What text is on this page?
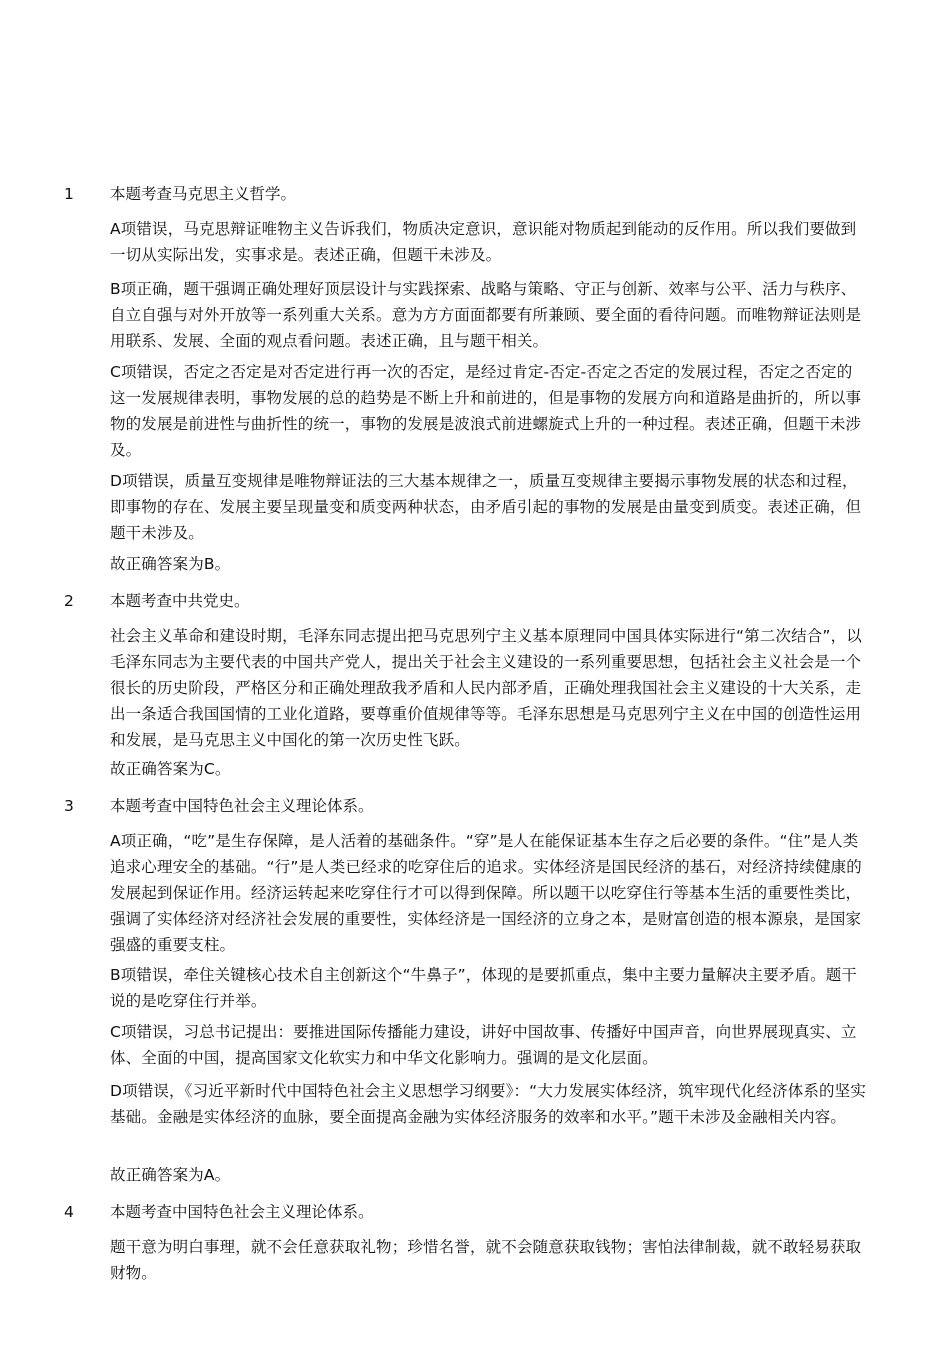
1	本题考查马克思主义哲学。
A项错误，马克思辩证唯物主义告诉我们，物质决定意识，意识能对物质起到能动的反作用。所以我们要做到一切从实际出发，实事求是。表述正确，但题干未涉及。
B项正确，题干强调正确处理好顶层设计与实践探索、战略与策略、守正与创新、效率与公平、活力与秩序、自立自强与对外开放等一系列重大关系。意为方方面面都要有所兼顾、要全面的看待问题。而唯物辩证法则是用联系、发展、全面的观点看问题。表述正确，且与题干相关。
C项错误，否定之否定是对否定进行再一次的否定，是经过肯定-否定-否定之否定的发展过程，否定之否定的这一发展规律表明，事物发展的总的趋势是不断上升和前进的，但是事物的发展方向和道路是曲折的，所以事物的发展是前进性与曲折性的统一，事物的发展是波浪式前进螺旋式上升的一种过程。表述正确，但题干未涉及。
D项错误，质量互变规律是唯物辩证法的三大基本规律之一，质量互变规律主要揭示事物发展的状态和过程，即事物的存在、发展主要呈现量变和质变两种状态，由矛盾引起的事物的发展是由量变到质变。表述正确，但题干未涉及。
故正确答案为B。
2	本题考查中共党史。
社会主义革命和建设时期，毛泽东同志提出把马克思列宁主义基本原理同中国具体实际进行“第二次结合”，以毛泽东同志为主要代表的中国共产党人，提出关于社会主义建设的一系列重要思想，包括社会主义社会是一个很长的历史阶段，严格区分和正确处理敌我矛盾和人民内部矛盾，正确处理我国社会主义建设的十大关系，走出一条适合我国国情的工业化道路，要尊重价值规律等等。毛泽东思想是马克思列宁主义在中国的创造性运用和发展，是马克思主义中国化的第一次历史性飞跃。
故正确答案为C。
3	本题考查中国特色社会主义理论体系。
A项正确，“吃”是生存保障，是人活着的基础条件。“穿”是人在能保证基本生存之后必要的条件。“住”是人类追求心理安全的基础。“行”是人类已经求的吃穿住后的追求。实体经济是国民经济的基石，对经济持续健康的发展起到保证作用。经济运转起来吃穿住行才可以得到保障。所以题干以吃穿住行等基本生活的重要性类比，强调了实体经济对经济社会发展的重要性，实体经济是一国经济的立身之本，是财富创造的根本源泉，是国家强盛的重要支柱。
B项错误，牵住关键核心技术自主创新这个“牛鼻子”，体现的是要抓重点，集中主要力量解决主要矛盾。题干说的是吃穿住行并举。
C项错误，习总书记提出：要推进国际传播能力建设，讲好中国故事、传播好中国声音，向世界展现真实、立体、全面的中国，提高国家文化软实力和中华文化影响力。强调的是文化层面。
D项错误，《习近平新时代中国特色社会主义思想学习纲要》：“大力发展实体经济，筑牢现代化经济体系的坚实基础。金融是实体经济的血脉，要全面提高金融为实体经济服务的效率和水平。”题干未涉及金融相关内容。
故正确答案为A。
4	本题考查中国特色社会主义理论体系。
题干意为明白事理，就不会任意获取礼物；珍惜名誉，就不会随意获取钱物；害怕法律制裁，就不敢轻易获取财物。
